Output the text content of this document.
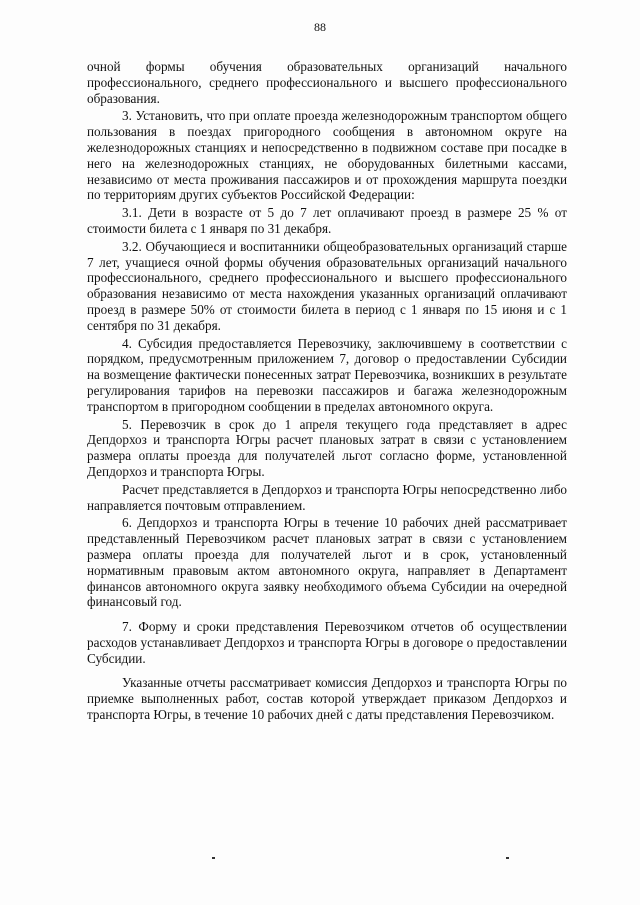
88

очной формы обучения образовательных организаций начального профессионального, среднего профессионального и высшего профессионального образования.

3. Установить, что при оплате проезда железнодорожным транспортом общего пользования в поездах пригородного сообщения в автономном округе на железнодорожных станциях и непосредственно в подвижном составе при посадке в него на железнодорожных станциях, не оборудованных билетными кассами, независимо от места проживания пассажиров и от прохождения маршрута поездки по территориям других субъектов Российской Федерации:

3.1. Дети в возрасте от 5 до 7 лет оплачивают проезд в размере 25 % от стоимости билета с 1 января по 31 декабря.

3.2. Обучающиеся и воспитанники общеобразовательных организаций старше 7 лет, учащиеся очной формы обучения образовательных организаций начального профессионального, среднего профессионального и высшего профессионального образования независимо от места нахождения указанных организаций оплачивают проезд в размере 50% от стоимости билета в период с 1 января по 15 июня и с 1 сентября по 31 декабря.

4. Субсидия предоставляется Перевозчику, заключившему в соответствии с порядком, предусмотренным приложением 7, договор о предоставлении Субсидии на возмещение фактически понесенных затрат Перевозчика, возникших в результате регулирования тарифов на перевозки пассажиров и багажа железнодорожным транспортом в пригородном сообщении в пределах автономного округа.

5. Перевозчик в срок до 1 апреля текущего года представляет в адрес Депдорхоз и транспорта Югры расчет плановых затрат в связи с установлением размера оплаты проезда для получателей льгот согласно форме, установленной Депдорхоз и транспорта Югры.

Расчет представляется в Депдорхоз и транспорта Югры непосредственно либо направляется почтовым отправлением.

6. Депдорхоз и транспорта Югры в течение 10 рабочих дней рассматривает представленный Перевозчиком расчет плановых затрат в связи с установлением размера оплаты проезда для получателей льгот и в срок, установленный нормативным правовым актом автономного округа, направляет в Департамент финансов автономного округа заявку необходимого объема Субсидии на очередной финансовый год.

7. Форму и сроки представления Перевозчиком отчетов об осуществлении расходов устанавливает Депдорхоз и транспорта Югры в договоре о предоставлении Субсидии.

Указанные отчеты рассматривает комиссия Депдорхоз и транспорта Югры по приемке выполненных работ, состав которой утверждает приказом Депдорхоз и транспорта Югры, в течение 10 рабочих дней с даты представления Перевозчиком.
